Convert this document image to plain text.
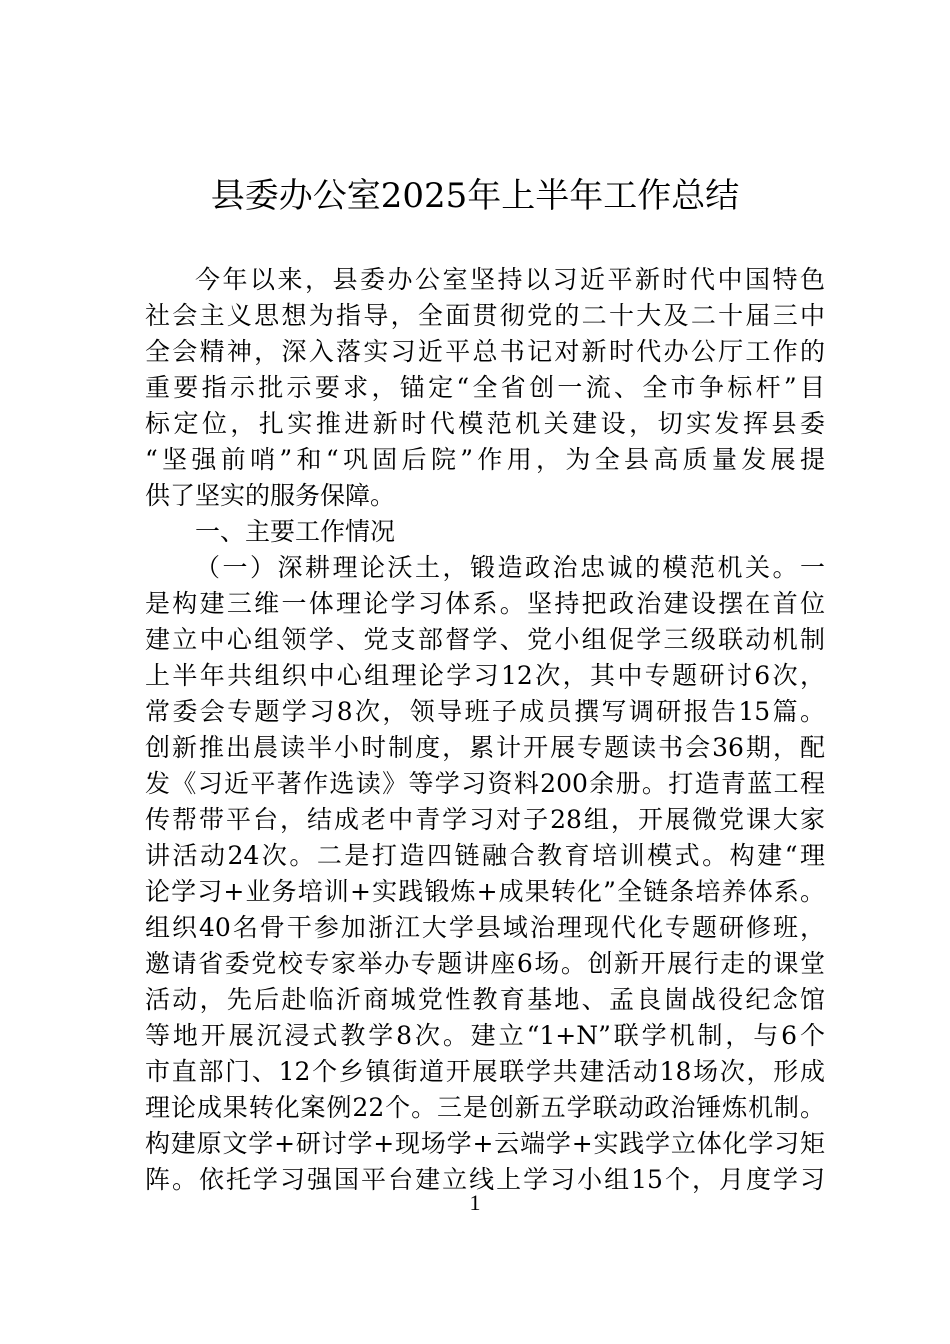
县委办公室2025年上半年工作总结
今年以来，县委办公室坚持以习近平新时代中国特色
社会主义思想为指导，全面贯彻党的二十大及二十届三中
全会精神，深入落实习近平总书记对新时代办公厅工作的
重要指示批示要求，锚定“全省创一流、全市争标杆”目
标定位，扎实推进新时代模范机关建设，切实发挥县委
“坚强前哨”和“巩固后院”作用，为全县高质量发展提
供了坚实的服务保障。
一、主要工作情况
（一）深耕理论沃土，锻造政治忠诚的模范机关。一
是构建三维一体理论学习体系。坚持把政治建设摆在首位
建立中心组领学、党支部督学、党小组促学三级联动机制
上半年共组织中心组理论学习12次，其中专题研讨6次，
常委会专题学习8次，领导班子成员撰写调研报告15篇。
创新推出晨读半小时制度，累计开展专题读书会36期，配
发《习近平著作选读》等学习资料200余册。打造青蓝工程
传帮带平台，结成老中青学习对子28组，开展微党课大家
讲活动24次。二是打造四链融合教育培训模式。构建“理
论学习+业务培训+实践锻炼+成果转化”全链条培养体系。
组织40名骨干参加浙江大学县域治理现代化专题研修班，
邀请省委党校专家举办专题讲座6场。创新开展行走的课堂
活动，先后赴临沂商城党性教育基地、孟良崮战役纪念馆
等地开展沉浸式教学8次。建立“1+N”联学机制，与6个
市直部门、12个乡镇街道开展联学共建活动18场次，形成
理论成果转化案例22个。三是创新五学联动政治锤炼机制。
构建原文学+研讨学+现场学+云端学+实践学立体化学习矩
阵。依托学习强国平台建立线上学习小组15个，月度学习
1
